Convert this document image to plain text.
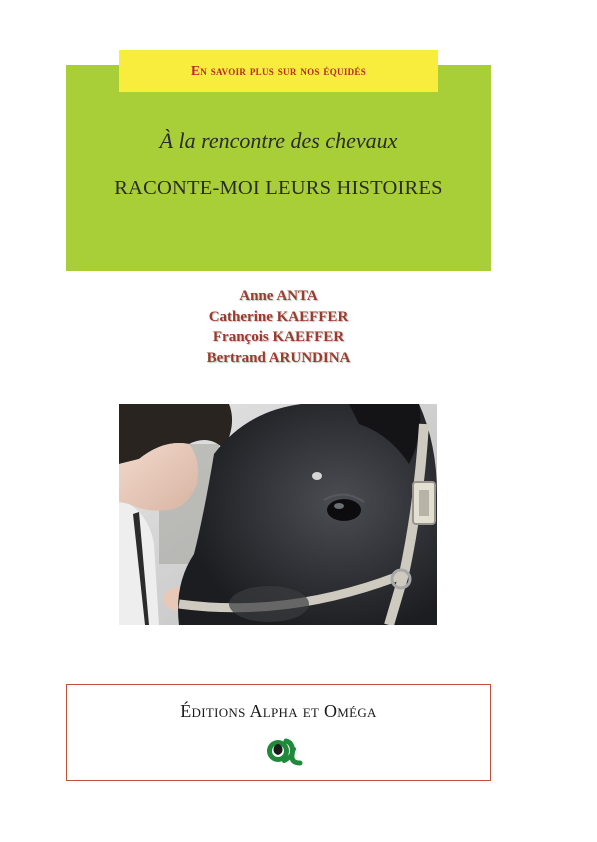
En savoir plus sur nos équidés
À la rencontre des chevaux
RACONTE-MOI LEURS HISTOIRES
Anne ANTA
Catherine KAEFFER
François KAEFFER
Bertrand ARUNDINA
Éditions Alpha et Oméga
